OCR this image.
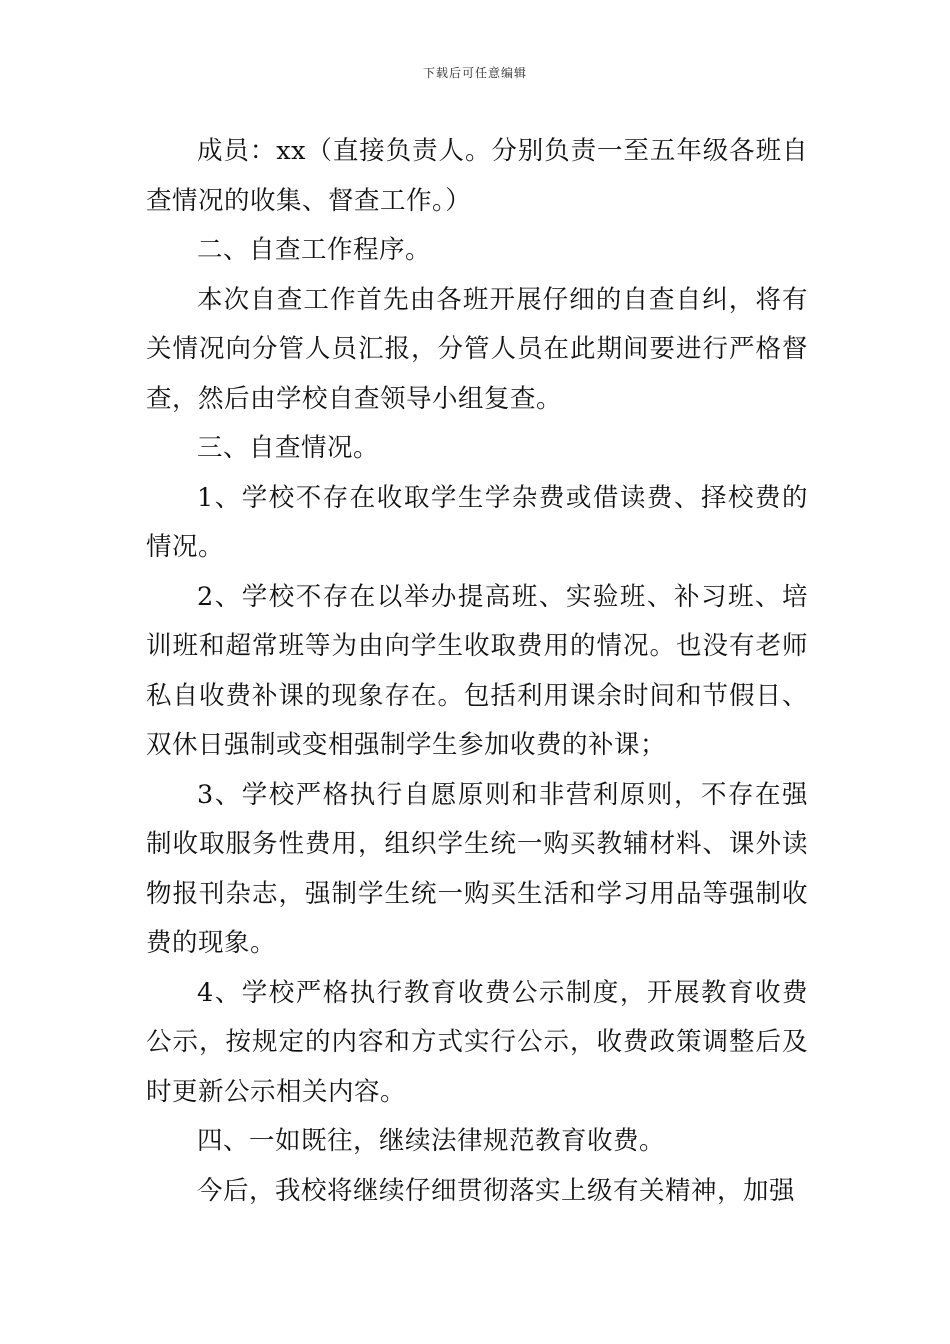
下载后可任意编辑

成员：xx（直接负责人。分别负责一至五年级各班自查情况的收集、督查工作。）

二、自查工作程序。

本次自查工作首先由各班开展仔细的自查自纠，将有关情况向分管人员汇报，分管人员在此期间要进行严格督查，然后由学校自查领导小组复查。

三、自查情况。

1、学校不存在收取学生学杂费或借读费、择校费的情况。

2、学校不存在以举办提高班、实验班、补习班、培训班和超常班等为由向学生收取费用的情况。也没有老师私自收费补课的现象存在。包括利用课余时间和节假日、双休日强制或变相强制学生参加收费的补课；

3、学校严格执行自愿原则和非营利原则，不存在强制收取服务性费用，组织学生统一购买教辅材料、课外读物报刊杂志，强制学生统一购买生活和学习用品等强制收费的现象。

4、学校严格执行教育收费公示制度，开展教育收费公示，按规定的内容和方式实行公示，收费政策调整后及时更新公示相关内容。

四、一如既往，继续法律规范教育收费。

今后，我校将继续仔细贯彻落实上级有关精神，加强
